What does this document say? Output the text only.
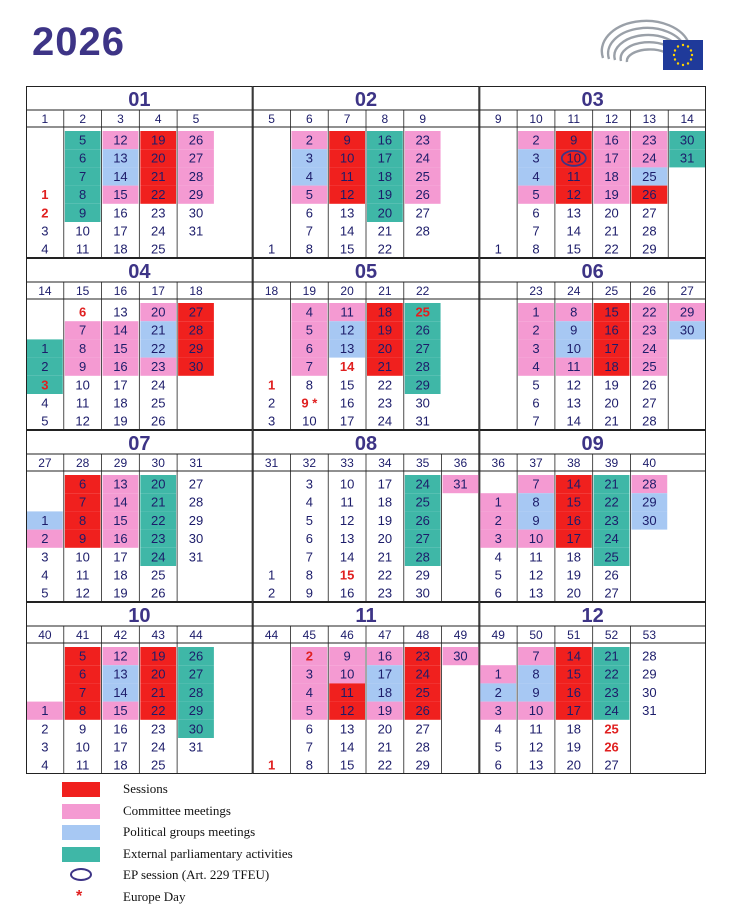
2026
01
1
1
2
3
4
2
5
6
7
8
9
10
11
3
12
13
14
15
16
17
18
4
19
20
21
22
23
24
25
5
26
27
28
29
30
31
02
5
1
6
2
3
4
5
6
7
8
7
9
10
11
12
13
14
15
8
16
17
18
19
20
21
22
9
23
24
25
26
27
28
03
9
1
10
2
3
4
5
6
7
8
11
9
10
11
12
13
14
15
12
16
17
18
19
20
21
22
13
23
24
25
26
27
28
29
14
30
31
04
14
1
2
3
4
5
15
6
7
8
9
10
11
12
16
13
14
15
16
17
18
19
17
20
21
22
23
24
25
26
18
27
28
29
30
05
18
1
2
3
19
4
5
6
7
8
9 *
10
20
11
12
13
14
15
16
17
21
18
19
20
21
22
23
24
22
25
26
27
28
29
30
31
06
23
1
2
3
4
5
6
7
24
8
9
10
11
12
13
14
25
15
16
17
18
19
20
21
26
22
23
24
25
26
27
28
27
29
30
07
27
1
2
3
4
5
28
6
7
8
9
10
11
12
29
13
14
15
16
17
18
19
30
20
21
22
23
24
25
26
31
27
28
29
30
31
08
31
1
2
32
3
4
5
6
7
8
9
33
10
11
12
13
14
15
16
34
17
18
19
20
21
22
23
35
24
25
26
27
28
29
30
36
31
09
36
1
2
3
4
5
6
37
7
8
9
10
11
12
13
38
14
15
16
17
18
19
20
39
21
22
23
24
25
26
27
40
28
29
30
10
40
1
2
3
4
41
5
6
7
8
9
10
11
42
12
13
14
15
16
17
18
43
19
20
21
22
23
24
25
44
26
27
28
29
30
31
11
44
1
45
2
3
4
5
6
7
8
46
9
10
11
12
13
14
15
47
16
17
18
19
20
21
22
48
23
24
25
26
27
28
29
49
30
12
49
1
2
3
4
5
6
50
7
8
9
10
11
12
13
51
14
15
16
17
18
19
20
52
21
22
23
24
25
26
27
53
28
29
30
31
Sessions
Committee meetings
Political groups meetings
External parliamentary activities
EP session (Art. 229 TFEU)
*	Europe Day
